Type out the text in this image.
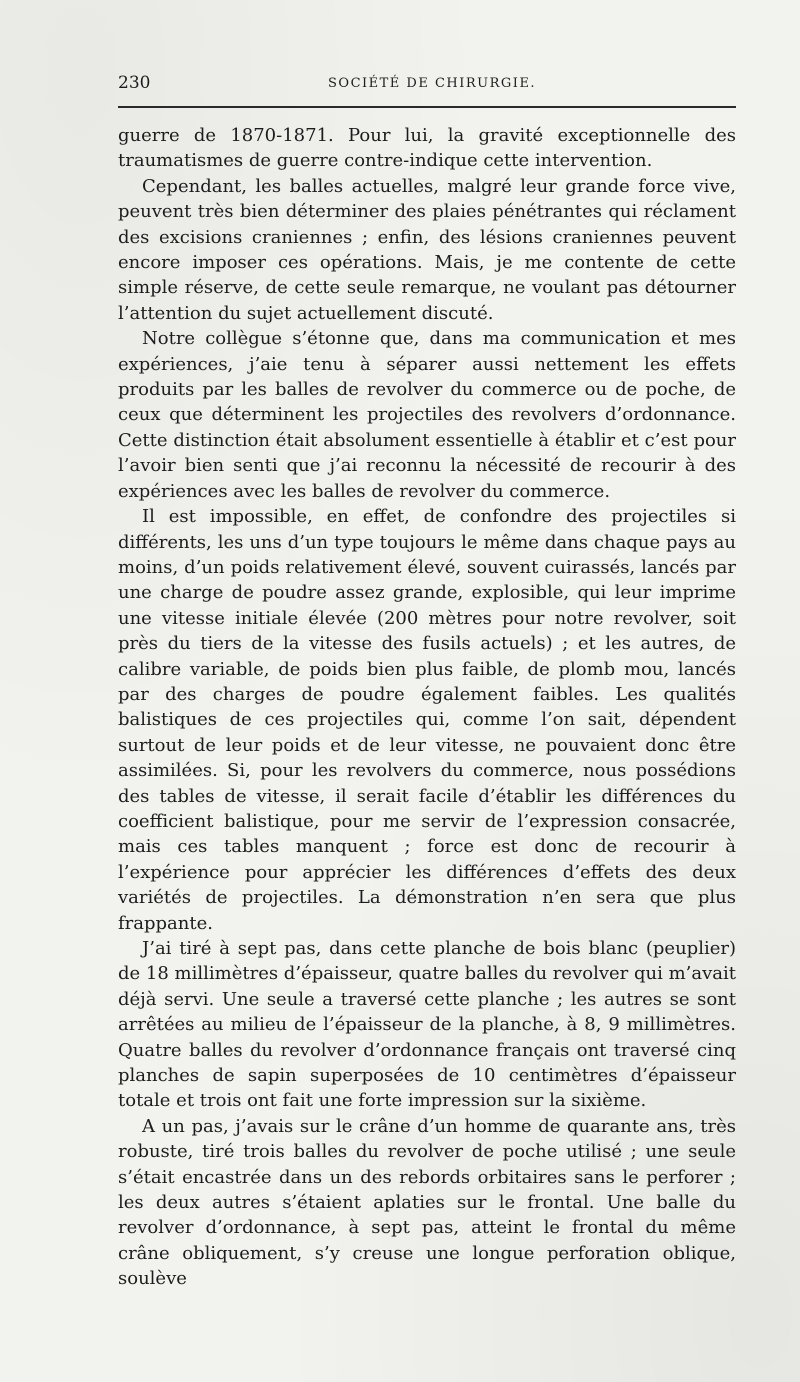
230	SOCIÉTÉ DE CHIRURGIE.

guerre de 1870-1871. Pour lui, la gravité exceptionnelle des traumatismes de guerre contre-indique cette intervention.

Cependant, les balles actuelles, malgré leur grande force vive, peuvent très bien déterminer des plaies pénétrantes qui réclament des excisions craniennes ; enfin, des lésions craniennes peuvent encore imposer ces opérations. Mais, je me contente de cette simple réserve, de cette seule remarque, ne voulant pas détourner l’attention du sujet actuellement discuté.

Notre collègue s’étonne que, dans ma communication et mes expériences, j’aie tenu à séparer aussi nettement les effets produits par les balles de revolver du commerce ou de poche, de ceux que déterminent les projectiles des revolvers d’ordonnance. Cette distinction était absolument essentielle à établir et c’est pour l’avoir bien senti que j’ai reconnu la nécessité de recourir à des expériences avec les balles de revolver du commerce.

Il est impossible, en effet, de confondre des projectiles si différents, les uns d’un type toujours le même dans chaque pays au moins, d’un poids relativement élevé, souvent cuirassés, lancés par une charge de poudre assez grande, explosible, qui leur imprime une vitesse initiale élevée (200 mètres pour notre revolver, soit près du tiers de la vitesse des fusils actuels) ; et les autres, de calibre variable, de poids bien plus faible, de plomb mou, lancés par des charges de poudre également faibles. Les qualités balistiques de ces projectiles qui, comme l’on sait, dépendent surtout de leur poids et de leur vitesse, ne pouvaient donc être assimilées. Si, pour les revolvers du commerce, nous possédions des tables de vitesse, il serait facile d’établir les différences du coefficient balistique, pour me servir de l’expression consacrée, mais ces tables manquent ; force est donc de recourir à l’expérience pour apprécier les différences d’effets des deux variétés de projectiles. La démonstration n’en sera que plus frappante.

J’ai tiré à sept pas, dans cette planche de bois blanc (peuplier) de 18 millimètres d’épaisseur, quatre balles du revolver qui m’avait déjà servi. Une seule a traversé cette planche ; les autres se sont arrêtées au milieu de l’épaisseur de la planche, à 8, 9 millimètres. Quatre balles du revolver d’ordonnance français ont traversé cinq planches de sapin superposées de 10 centimètres d’épaisseur totale et trois ont fait une forte impression sur la sixième.

A un pas, j’avais sur le crâne d’un homme de quarante ans, très robuste, tiré trois balles du revolver de poche utilisé ; une seule s’était encastrée dans un des rebords orbitaires sans le perforer ; les deux autres s’étaient aplaties sur le frontal. Une balle du revolver d’ordonnance, à sept pas, atteint le frontal du même crâne obliquement, s’y creuse une longue perforation oblique, soulève
